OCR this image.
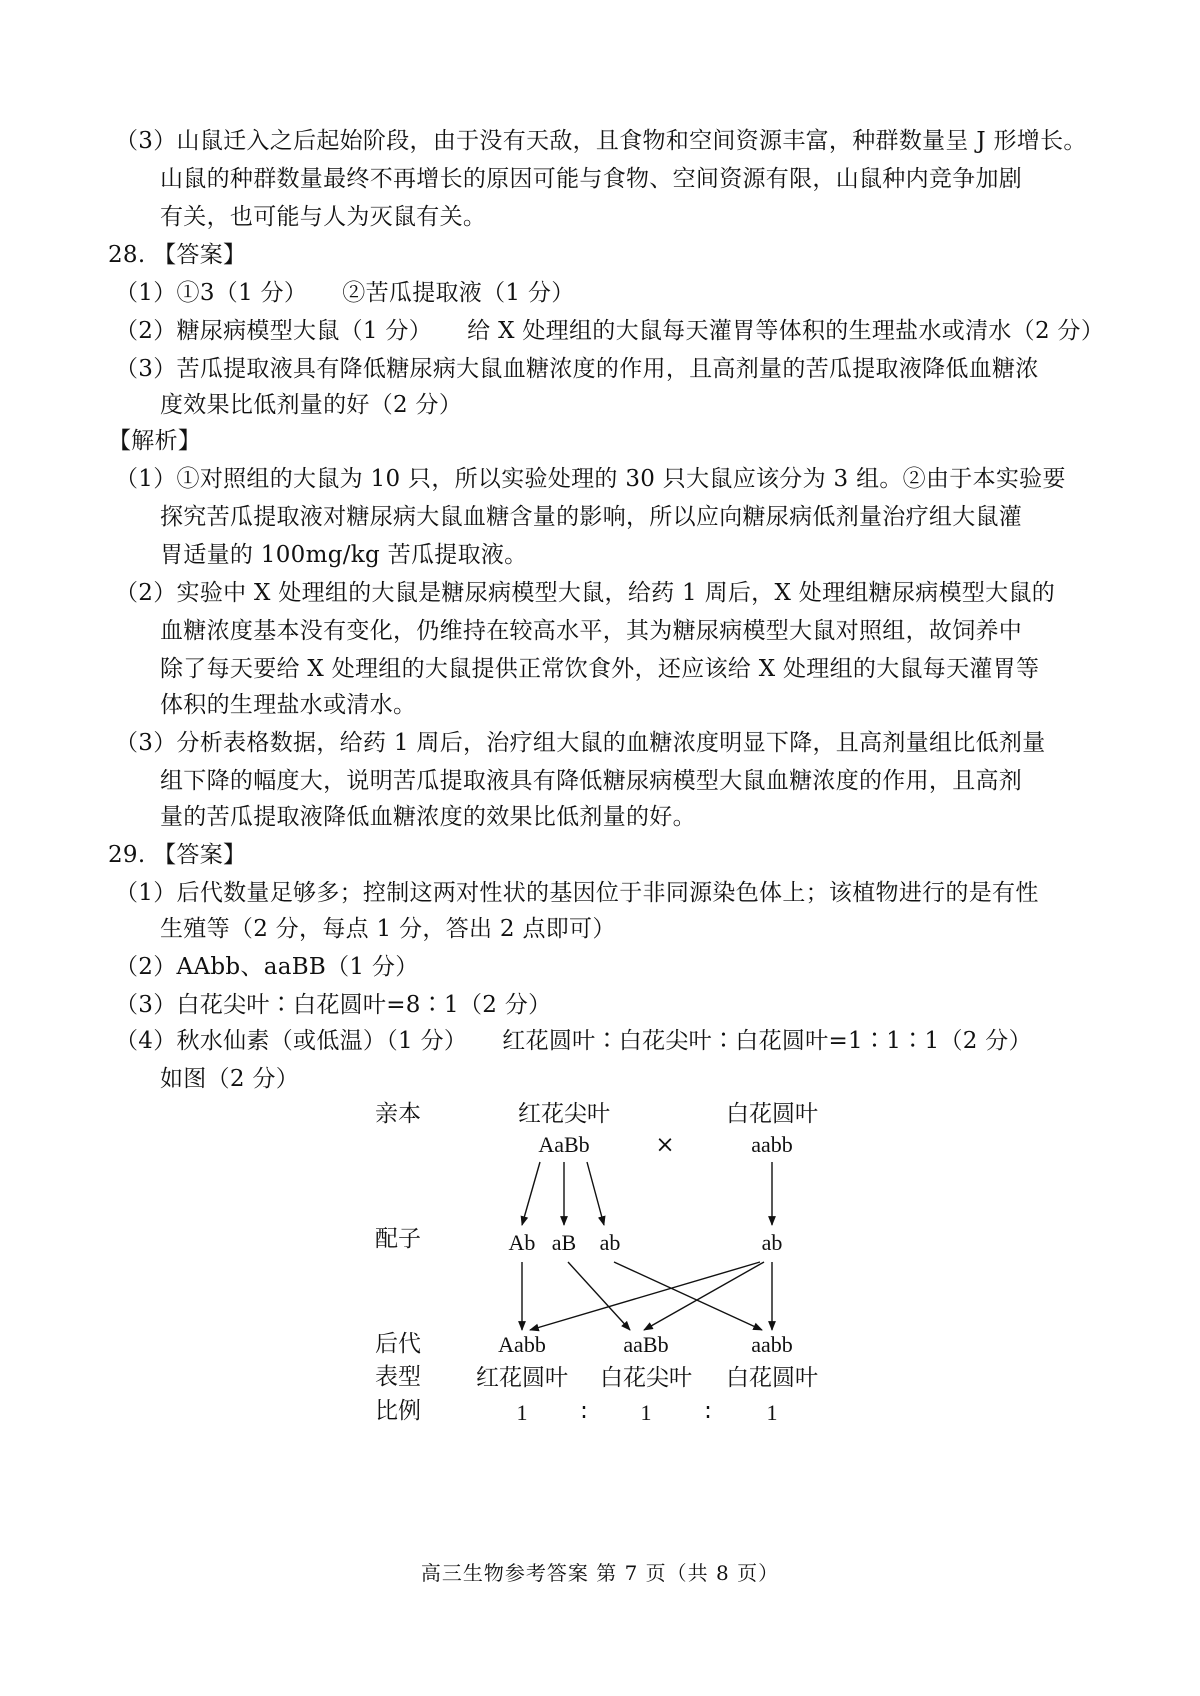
（3）山鼠迁入之后起始阶段，由于没有天敌，且食物和空间资源丰富，种群数量呈 J 形增长。
山鼠的种群数量最终不再增长的原因可能与食物、空间资源有限，山鼠种内竞争加剧
有关，也可能与人为灭鼠有关。
28. 【答案】
（1）①3（1 分）　　②苦瓜提取液（1 分）
（2）糖尿病模型大鼠（1 分）　　给 X 处理组的大鼠每天灌胃等体积的生理盐水或清水（2 分）
（3）苦瓜提取液具有降低糖尿病大鼠血糖浓度的作用，且高剂量的苦瓜提取液降低血糖浓
度效果比低剂量的好（2 分）
【解析】
（1）①对照组的大鼠为 10 只，所以实验处理的 30 只大鼠应该分为 3 组。②由于本实验要
探究苦瓜提取液对糖尿病大鼠血糖含量的影响，所以应向糖尿病低剂量治疗组大鼠灌
胃适量的 100mg/kg 苦瓜提取液。
（2）实验中 X 处理组的大鼠是糖尿病模型大鼠，给药 1 周后，X 处理组糖尿病模型大鼠的
血糖浓度基本没有变化，仍维持在较高水平，其为糖尿病模型大鼠对照组，故饲养中
除了每天要给 X 处理组的大鼠提供正常饮食外，还应该给 X 处理组的大鼠每天灌胃等
体积的生理盐水或清水。
（3）分析表格数据，给药 1 周后，治疗组大鼠的血糖浓度明显下降，且高剂量组比低剂量
组下降的幅度大，说明苦瓜提取液具有降低糖尿病模型大鼠血糖浓度的作用，且高剂
量的苦瓜提取液降低血糖浓度的效果比低剂量的好。
29. 【答案】
（1）后代数量足够多；控制这两对性状的基因位于非同源染色体上；该植物进行的是有性
生殖等（2 分，每点 1 分，答出 2 点即可）
（2）AAbb、aaBB（1 分）
（3）白花尖叶∶白花圆叶=8∶1（2 分）
（4）秋水仙素（或低温）（1 分）　　红花圆叶∶白花尖叶∶白花圆叶=1∶1∶1（2 分）
如图（2 分）
亲本
配子
后代
表型
比例
红花尖叶
AaBb	×
白花圆叶
aabb
Ab aB ab	ab
Aabb	aaBb	aabb
红花圆叶 白花尖叶 白花圆叶
1 ∶ 1 ∶	1
高三生物参考答案 第 7 页（共 8 页）
